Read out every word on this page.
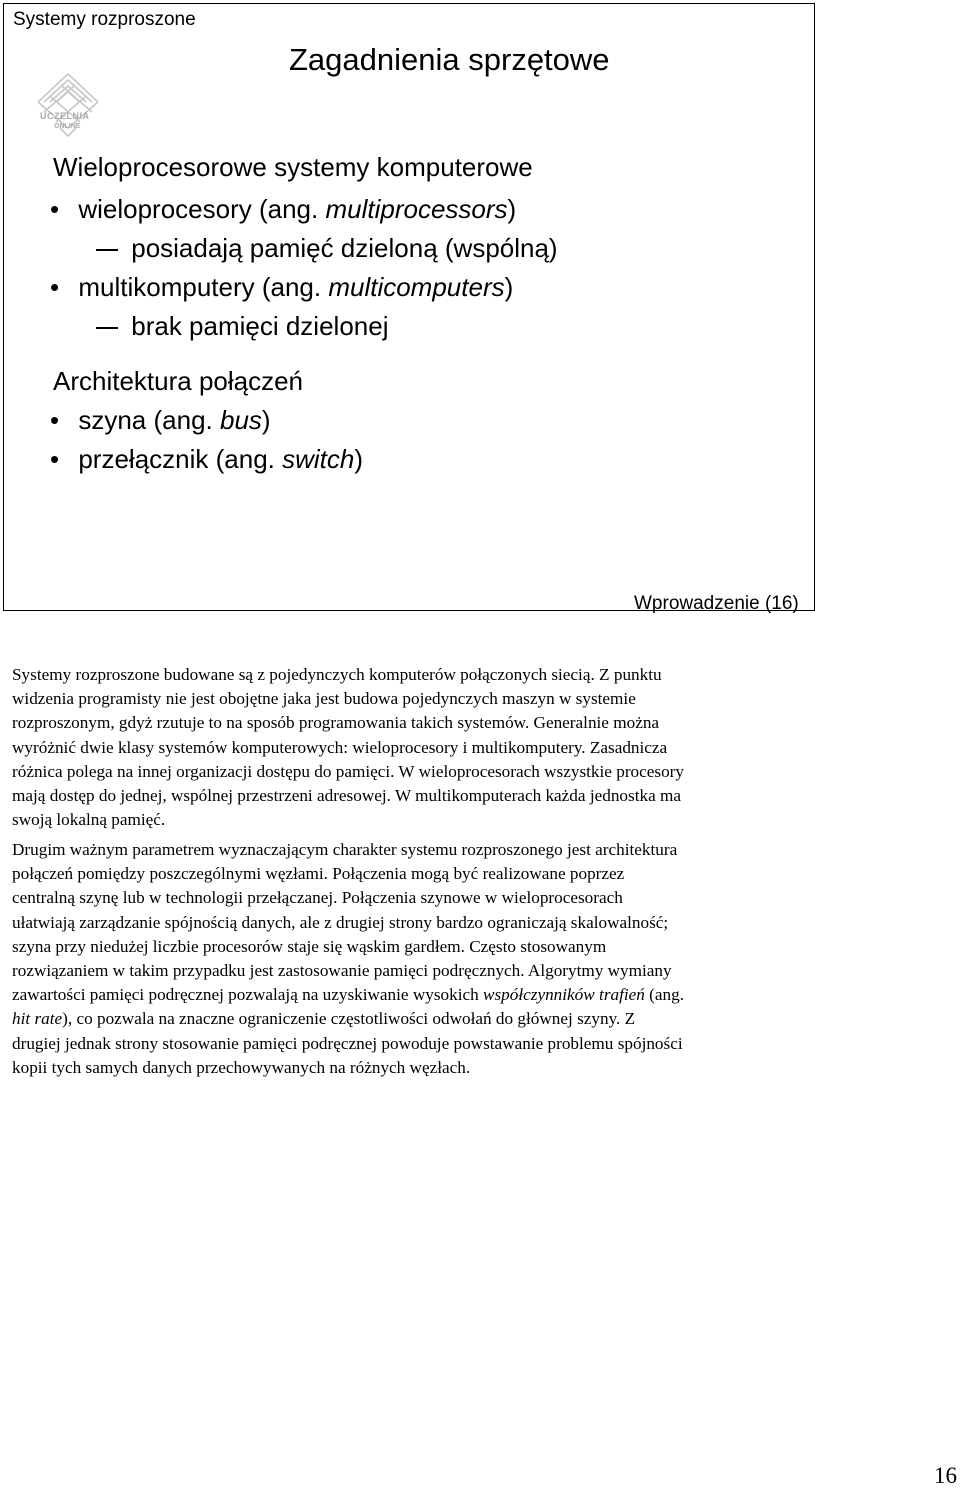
Systemy rozproszone
Zagadnienia sprzętowe
UCZELNIA
ONLINE
Wieloprocesorowe systemy komputerowe
• wieloprocesory (ang. multiprocessors)
posiadają pamięć dzieloną (wspólną)
• multikomputery (ang. multicomputers)
brak pamięci dzielonej
Architektura połączeń
• szyna (ang. bus)
• przełącznik (ang. switch)
Wprowadzenie (16)
Systemy rozproszone budowane są z pojedynczych komputerów połączonych siecią. Z punktu
widzenia programisty nie jest obojętne jaka jest budowa pojedynczych maszyn w systemie
rozproszonym, gdyż rzutuje to na sposób programowania takich systemów. Generalnie można
wyróżnić dwie klasy systemów komputerowych: wieloprocesory i multikomputery. Zasadnicza
różnica polega na innej organizacji dostępu do pamięci. W wieloprocesorach wszystkie procesory
mają dostęp do jednej, wspólnej przestrzeni adresowej. W multikomputerach każda jednostka ma
swoją lokalną pamięć.
Drugim ważnym parametrem wyznaczającym charakter systemu rozproszonego jest architektura
połączeń pomiędzy poszczególnymi węzłami. Połączenia mogą być realizowane poprzez
centralną szynę lub w technologii przełączanej. Połączenia szynowe w wieloprocesorach
ułatwiają zarządzanie spójnością danych, ale z drugiej strony bardzo ograniczają skalowalność;
szyna przy niedużej liczbie procesorów staje się wąskim gardłem. Często stosowanym
rozwiązaniem w takim przypadku jest zastosowanie pamięci podręcznych. Algorytmy wymiany
zawartości pamięci podręcznej pozwalają na uzyskiwanie wysokich współczynników trafień (ang.
hit rate), co pozwala na znaczne ograniczenie częstotliwości odwołań do głównej szyny. Z
drugiej jednak strony stosowanie pamięci podręcznej powoduje powstawanie problemu spójności
kopii tych samych danych przechowywanych na różnych węzłach.
16
